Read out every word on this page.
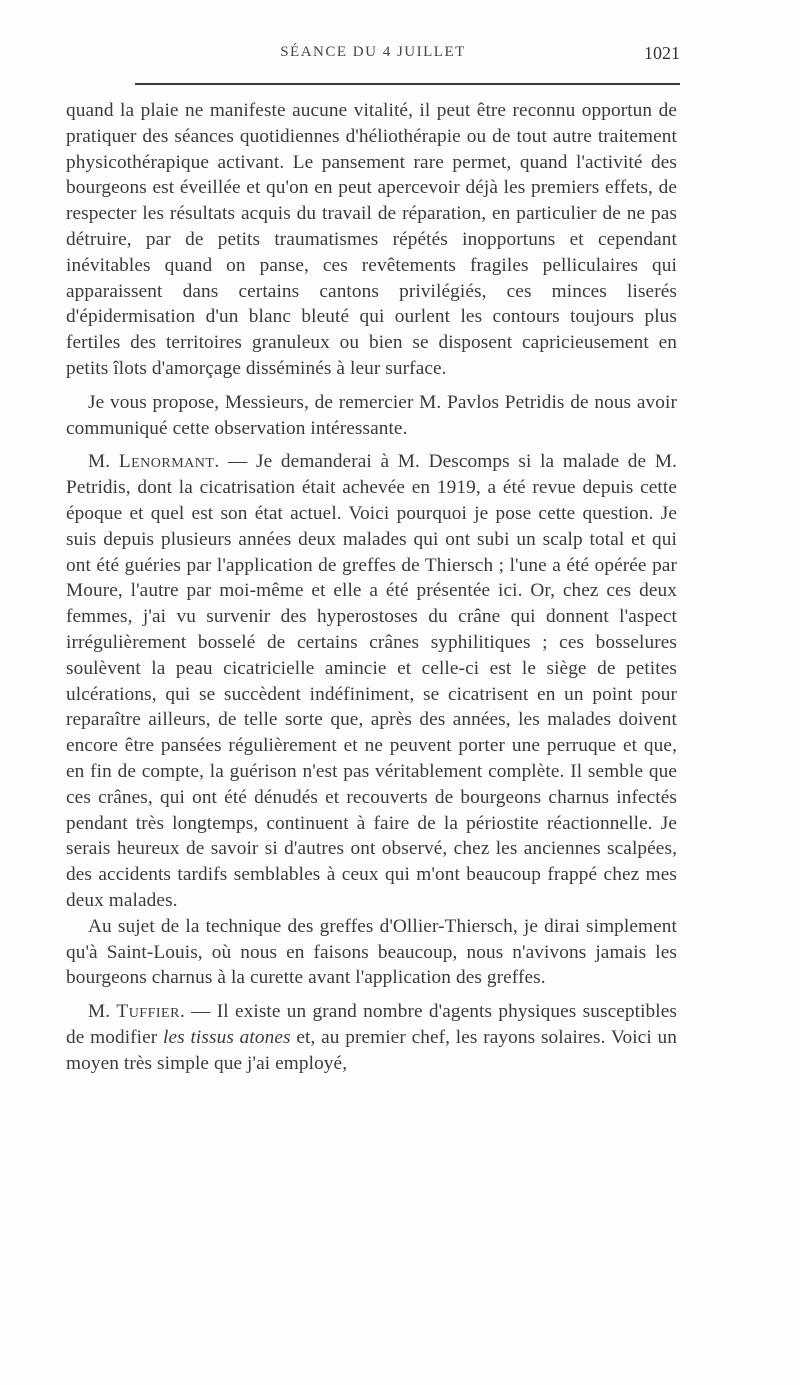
SÉANCE DU 4 JUILLET	1021

quand la plaie ne manifeste aucune vitalité, il peut être reconnu opportun de pratiquer des séances quotidiennes d'héliothérapie ou de tout autre traitement physicothérapique activant. Le pansement rare permet, quand l'activité des bourgeons est éveillée et qu'on en peut apercevoir déjà les premiers effets, de respecter les résultats acquis du travail de réparation, en particulier de ne pas détruire, par de petits traumatismes répétés inopportuns et cependant inévitables quand on panse, ces revêtements fragiles pelliculaires qui apparaissent dans certains cantons privilégiés, ces minces liserés d'épidermisation d'un blanc bleuté qui ourlent les contours toujours plus fertiles des territoires granuleux ou bien se disposent capricieusement en petits îlots d'amorçage disséminés à leur surface.

Je vous propose, Messieurs, de remercier M. Pavlos Petridis de nous avoir communiqué cette observation intéressante.

M. Lenormant. — Je demanderai à M. Descomps si la malade de M. Petridis, dont la cicatrisation était achevée en 1919, a été revue depuis cette époque et quel est son état actuel. Voici pourquoi je pose cette question. Je suis depuis plusieurs années deux malades qui ont subi un scalp total et qui ont été guéries par l'application de greffes de Thiersch ; l'une a été opérée par Moure, l'autre par moi-même et elle a été présentée ici. Or, chez ces deux femmes, j'ai vu survenir des hyperostoses du crâne qui donnent l'aspect irrégulièrement bosselé de certains crânes syphilitiques ; ces bosselures soulèvent la peau cicatricielle amincie et celle-ci est le siège de petites ulcérations, qui se succèdent indéfiniment, se cicatrisent en un point pour reparaître ailleurs, de telle sorte que, après des années, les malades doivent encore être pansées régulièrement et ne peuvent porter une perruque et que, en fin de compte, la guérison n'est pas véritablement complète. Il semble que ces crânes, qui ont été dénudés et recouverts de bourgeons charnus infectés pendant très longtemps, continuent à faire de la périostite réactionnelle. Je serais heureux de savoir si d'autres ont observé, chez les anciennes scalpées, des accidents tardifs semblables à ceux qui m'ont beaucoup frappé chez mes deux malades.

Au sujet de la technique des greffes d'Ollier-Thiersch, je dirai simplement qu'à Saint-Louis, où nous en faisons beaucoup, nous n'avivons jamais les bourgeons charnus à la curette avant l'application des greffes.

M. Tuffier. — Il existe un grand nombre d'agents physiques susceptibles de modifier les tissus atones et, au premier chef, les rayons solaires. Voici un moyen très simple que j'ai employé,
